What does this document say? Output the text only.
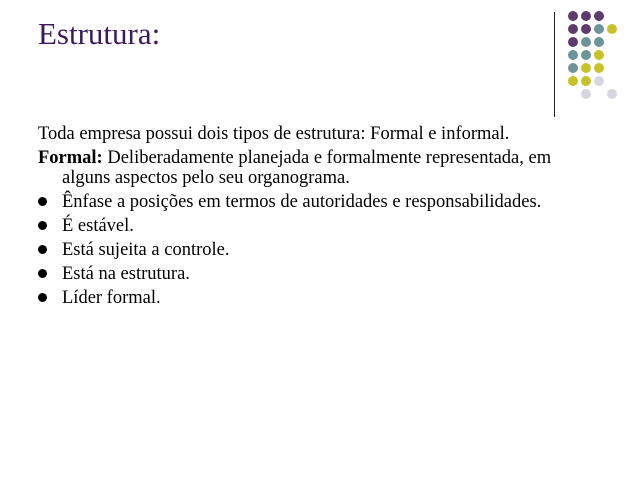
Estrutura:

Toda empresa possui dois tipos de estrutura: Formal e informal.

Formal: Deliberadamente planejada e formalmente representada, em alguns aspectos pelo seu organograma.

Ênfase a posições em termos de autoridades e responsabilidades.
É estável.
Está sujeita a controle.
Está na estrutura.
Líder formal.
